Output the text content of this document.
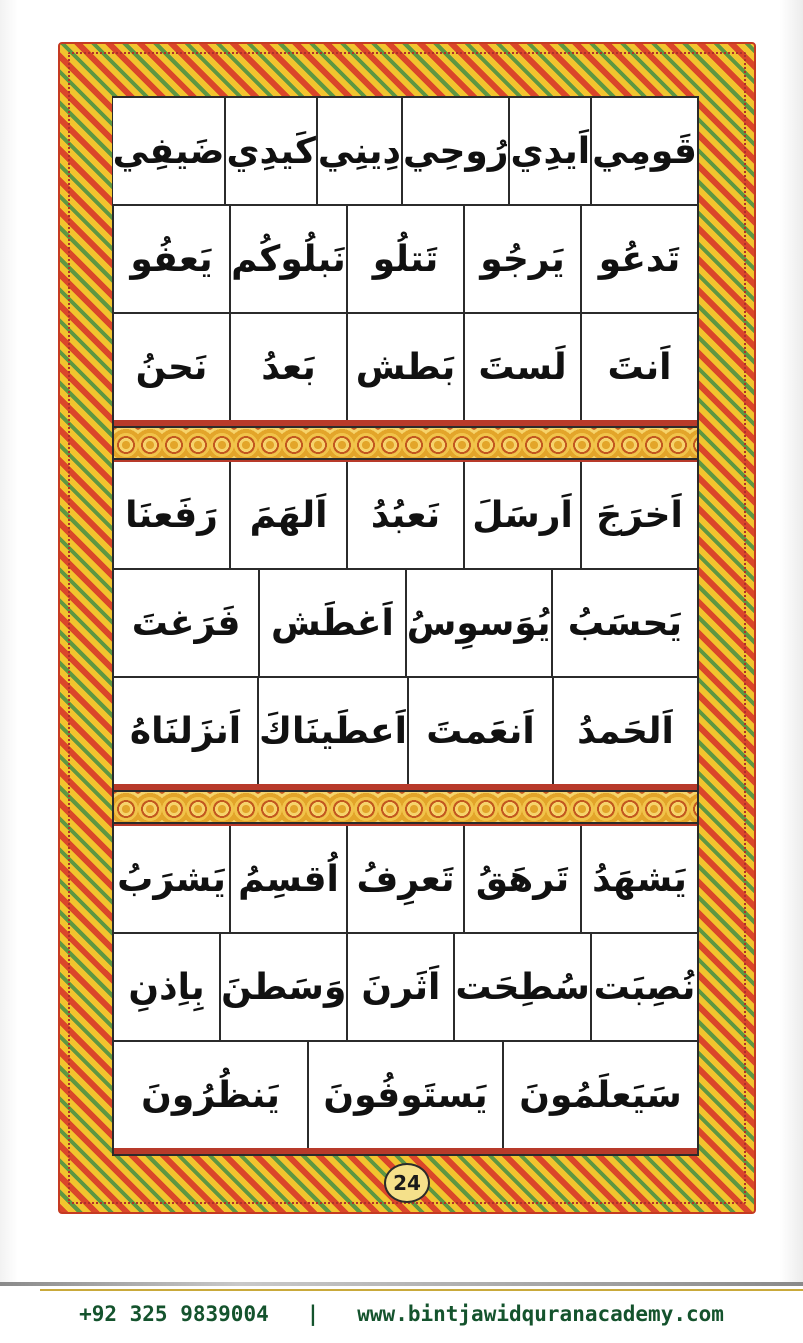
قَومِي
اَيدِي
رُوحِي
دِينِي
كَيدِي
ضَيفِي
تَدعُو
يَرجُو
تَتلُو
نَبلُوكُم
يَعفُو
اَنتَ
لَستَ
بَطش
بَعدُ
نَحنُ
اَخرَجَ
اَرسَلَ
نَعبُدُ
اَلهَمَ
رَفَعنَا
يَحسَبُ
يُوَسوِسُ
اَغطَش
فَرَغتَ
اَلحَمدُ
اَنعَمتَ
اَعطَينَاكَ
اَنزَلنَاهُ
يَشهَدُ
تَرهَقُ
تَعرِفُ
اُقسِمُ
يَشرَبُ
نُصِبَت
سُطِحَت
اَثَرنَ
وَسَطنَ
بِاِذنِ
سَيَعلَمُونَ
يَستَوفُونَ
يَنظُرُونَ
24
+92 325 9839004	|	www.bintjawidquranacademy.com
